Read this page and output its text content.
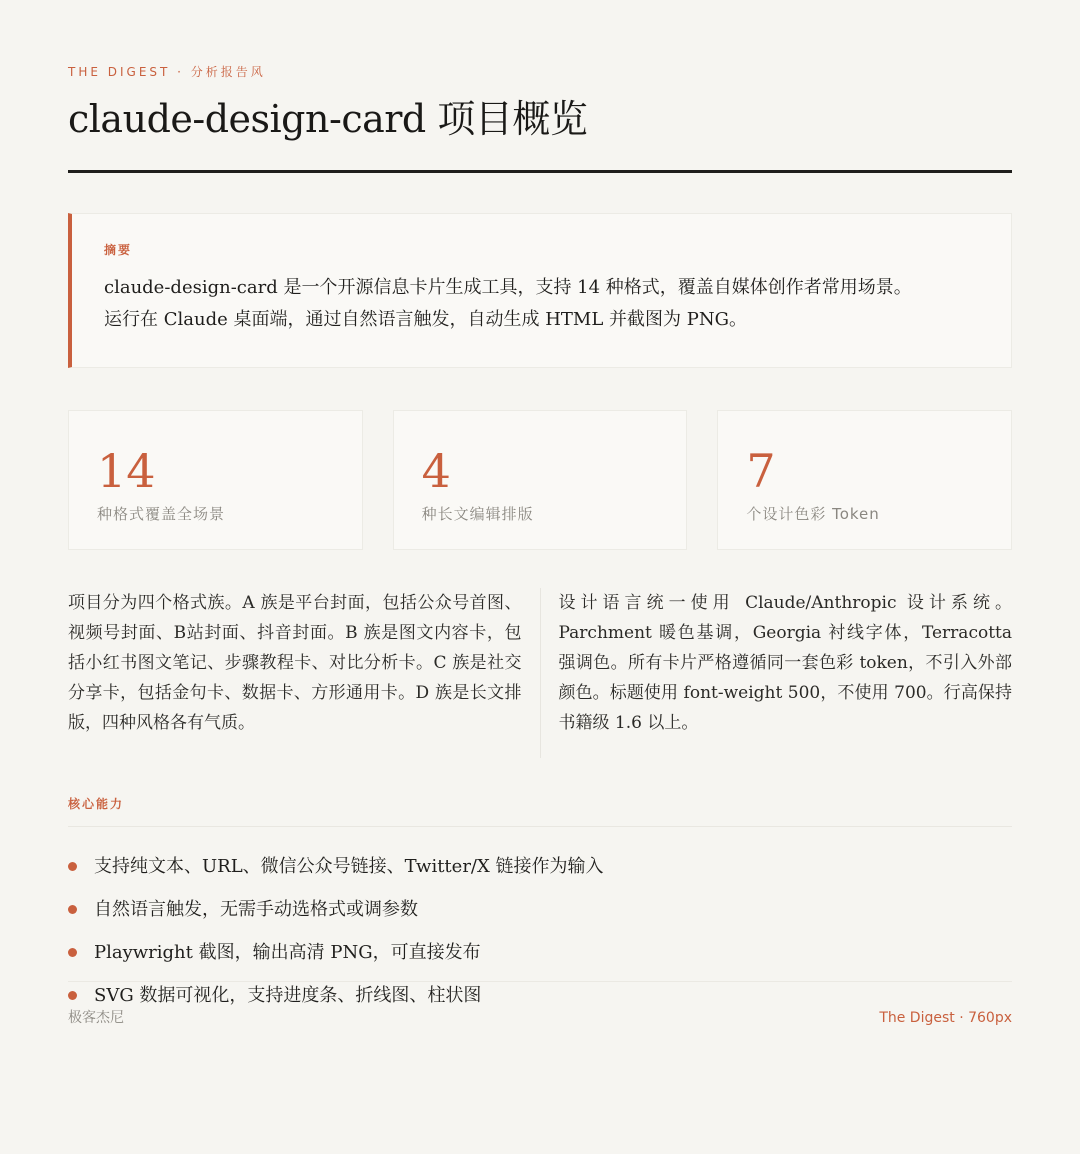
THE DIGEST · 分析报告风
claude-design-card 项目概览
摘要
claude-design-card 是一个开源信息卡片生成工具，支持 14 种格式，覆盖自媒体创作者常用场景。
运行在 Claude 桌面端，通过自然语言触发，自动生成 HTML 并截图为 PNG。
14
种格式覆盖全场景
4
种长文编辑排版
7
个设计色彩 Token
项目分为四个格式族。A 族是平台封面，包括公众号首图、视频号封面、B站封面、抖音封面。B 族是图文内容卡，包括小红书图文笔记、步骤教程卡、对比分析卡。C 族是社交分享卡，包括金句卡、数据卡、方形通用卡。D 族是长文排版，四种风格各有气质。
设计语言统一使用 Claude/Anthropic 设计系统。Parchment 暖色基调，Georgia 衬线字体，Terracotta 强调色。所有卡片严格遵循同一套色彩 token，不引入外部颜色。标题使用 font-weight 500，不使用 700。行高保持书籍级 1.6 以上。
核心能力
支持纯文本、URL、微信公众号链接、Twitter/X 链接作为输入
自然语言触发，无需手动选格式或调参数
Playwright 截图，输出高清 PNG，可直接发布
SVG 数据可视化，支持进度条、折线图、柱状图
极客杰尼	The Digest · 760px
